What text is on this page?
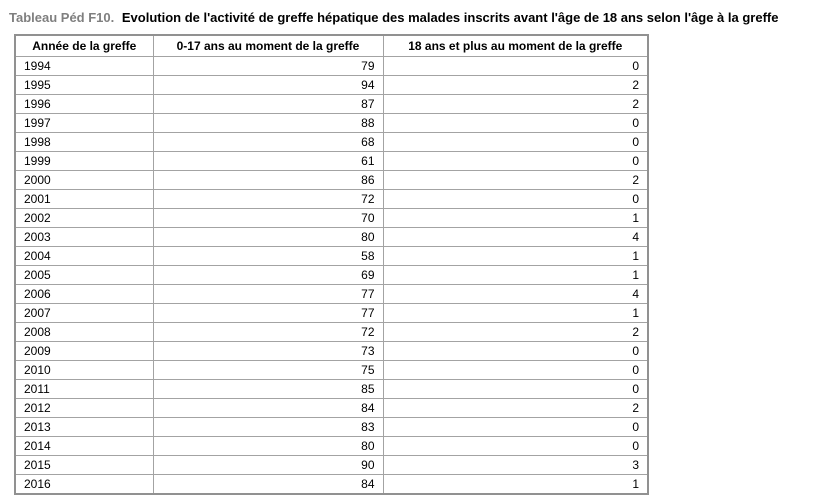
Tableau Péd F10. Evolution de l'activité de greffe hépatique des malades inscrits avant l'âge de 18 ans selon l'âge à la greffe
Année de la greffe	0-17 ans au moment de la greffe	18 ans et plus au moment de la greffe
1994	79	0
1995	94	2
1996	87	2
1997	88	0
1998	68	0
1999	61	0
2000	86	2
2001	72	0
2002	70	1
2003	80	4
2004	58	1
2005	69	1
2006	77	4
2007	77	1
2008	72	2
2009	73	0
2010	75	0
2011	85	0
2012	84	2
2013	83	0
2014	80	0
2015	90	3
2016	84	1
